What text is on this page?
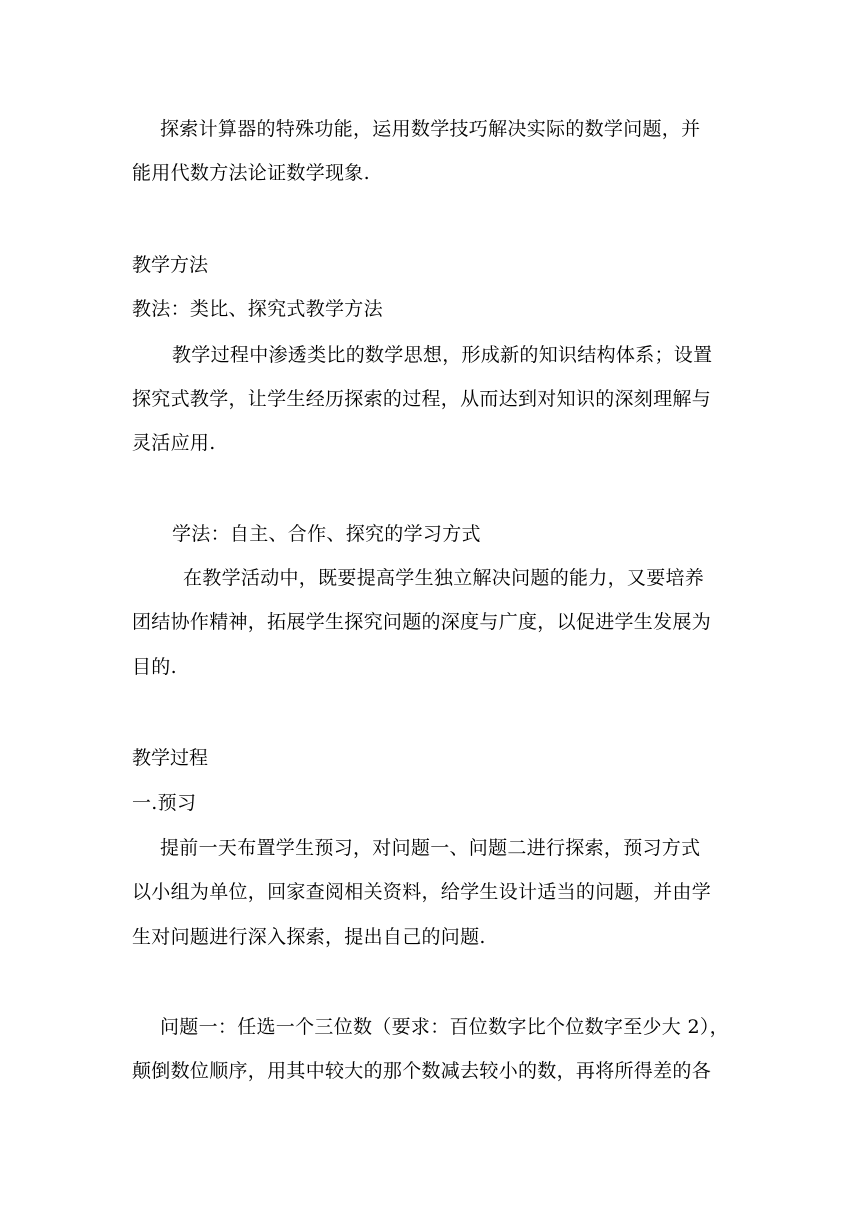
探索计算器的特殊功能，运用数学技巧解决实际的数学问题，并
能用代数方法论证数学现象.
教学方法
教法：类比、探究式教学方法
教学过程中渗透类比的数学思想，形成新的知识结构体系；设置
探究式教学，让学生经历探索的过程，从而达到对知识的深刻理解与
灵活应用.
学法：自主、合作、探究的学习方式
在教学活动中，既要提高学生独立解决问题的能力，又要培养
团结协作精神，拓展学生探究问题的深度与广度，以促进学生发展为
目的.
教学过程
一.预习
提前一天布置学生预习，对问题一、问题二进行探索，预习方式
以小组为单位，回家查阅相关资料，给学生设计适当的问题，并由学
生对问题进行深入探索，提出自己的问题.
问题一：任选一个三位数（要求：百位数字比个位数字至少大 2），
颠倒数位顺序，用其中较大的那个数减去较小的数，再将所得差的各
